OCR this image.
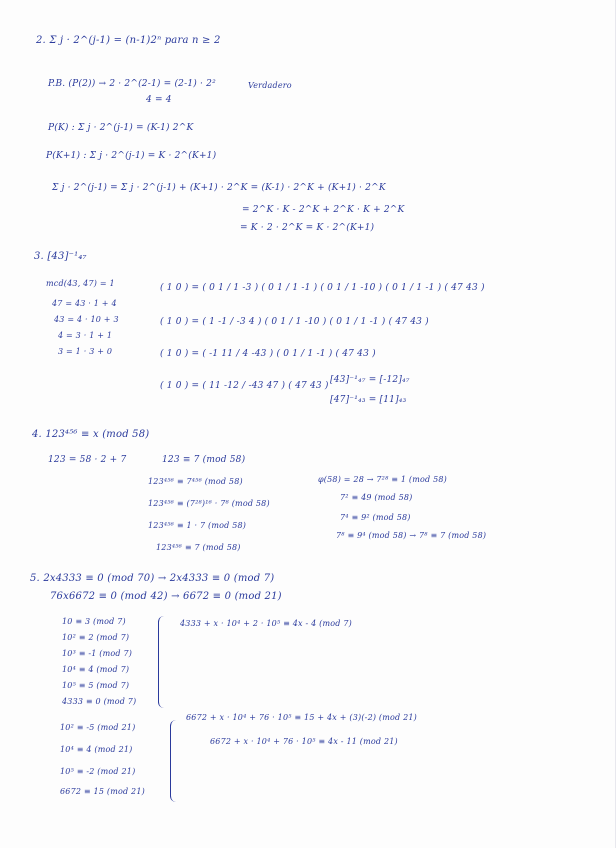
2. Σ j · 2^(j-1) = (n-1)2ⁿ para n ≥ 2
P.B. (P(2)) → 2 · 2^(2-1) = (2-1) · 2²	Verdadero
4 = 4
P(K) : Σ j · 2^(j-1) = (K-1) 2^K
P(K+1) : Σ j · 2^(j-1) = K · 2^(K+1)
Σ j · 2^(j-1) = Σ j · 2^(j-1) + (K+1) · 2^K = (K-1) · 2^K + (K+1) · 2^K
= 2^K · K - 2^K + 2^K · K + 2^K
= K · 2 · 2^K = K · 2^(K+1)
3. [43]⁻¹₄₇
mcd(43, 47) = 1
47 = 43 · 1 + 4
43 = 4 · 10 + 3
4 = 3 · 1 + 1
3 = 1 · 3 + 0
( 1 0 ) = ( 0 1 / 1 -3 ) ( 0 1 / 1 -1 ) ( 0 1 / 1 -10 ) ( 0 1 / 1 -1 ) ( 47 43 )
( 1 0 ) = ( 1 -1 / -3 4 ) ( 0 1 / 1 -10 ) ( 0 1 / 1 -1 ) ( 47 43 )
( 1 0 ) = ( -1 11 / 4 -43 ) ( 0 1 / 1 -1 ) ( 47 43 )
( 1 0 ) = ( 11 -12 / -43 47 ) ( 47 43 )
[43]⁻¹₄₇ = [-12]₄₇
[47]⁻¹₄₃ = [11]₄₃
4. 123⁴⁵⁶ ≡ x (mod 58)
123 = 58 · 2 + 7	123 ≡ 7 (mod 58)
123⁴⁵⁶ ≡ 7⁴⁵⁶ (mod 58)
123⁴⁵⁶ ≡ (7²⁸)¹⁶ · 7⁸ (mod 58)
123⁴⁵⁶ ≡ 1 · 7 (mod 58)
123⁴⁵⁶ ≡ 7 (mod 58)
φ(58) = 28 → 7²⁸ ≡ 1 (mod 58)
7² ≡ 49 (mod 58)
7⁴ ≡ 9² (mod 58)
7⁸ ≡ 9⁴ (mod 58) → 7⁸ ≡ 7 (mod 58)
5. 2x4333 ≡ 0 (mod 70) → 2x4333 ≡ 0 (mod 7)
76x6672 ≡ 0 (mod 42) → 6672 ≡ 0 (mod 21)
10 ≡ 3 (mod 7)
10² ≡ 2 (mod 7)
10³ ≡ -1 (mod 7)
10⁴ ≡ 4 (mod 7)
10⁵ ≡ 5 (mod 7)
4333 ≡ 0 (mod 7)
4333 + x · 10⁴ + 2 · 10⁵ ≡ 4x - 4 (mod 7)
10² ≡ -5 (mod 21)
10⁴ ≡ 4 (mod 21)
10⁵ ≡ -2 (mod 21)
6672 ≡ 15 (mod 21)
6672 + x · 10⁴ + 76 · 10⁵ ≡ 15 + 4x + (3)(-2) (mod 21)
6672 + x · 10⁴ + 76 · 10⁵ ≡ 4x - 11 (mod 21)
